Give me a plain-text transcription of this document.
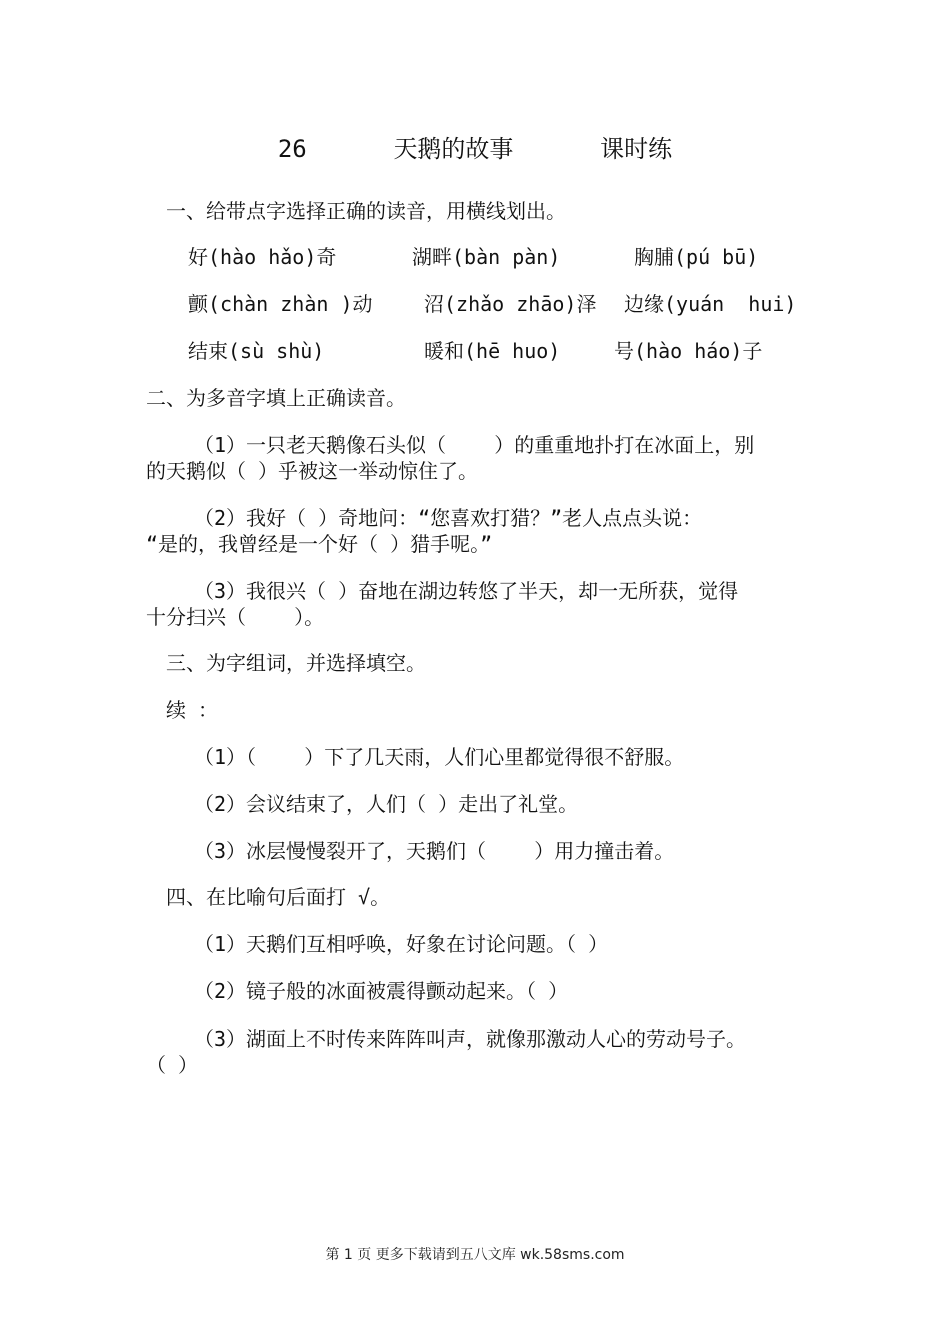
26      天鹅的故事      课时练
一、给带点字选择正确的读音，用横线划出。
好(hào hǎo)奇	湖畔(bàn pàn)	胸脯(pú bū)
颤(chàn zhàn )动	沼(zhǎo zhāo)泽 边缘(yuán  hui)
结束(sù shù)	暖和(hē huo)	号(hào háo)子
二、为多音字填上正确读音。
（1）一只老天鹅像石头似（    ）的重重地扑打在冰面上，别
的天鹅似（ ）乎被这一举动惊住了。
（2）我好（ ）奇地问：“您喜欢打猎？”老人点点头说：
“是的，我曾经是一个好（ ）猎手呢。”
（3）我很兴（ ）奋地在湖边转悠了半天，却一无所获，觉得
十分扫兴（    ）。
三、为字组词，并选择填空。
续 ：
（1）（    ）下了几天雨，人们心里都觉得很不舒服。
（2）会议结束了，人们（ ）走出了礼堂。
（3）冰层慢慢裂开了，天鹅们（    ）用力撞击着。
四、在比喻句后面打 √。
（1）天鹅们互相呼唤，好象在讨论问题。（ ）
（2）镜子般的冰面被震得颤动起来。（ ）
（3）湖面上不时传来阵阵叫声，就像那激动人心的劳动号子。
（ ）
第 1 页 更多下载请到五八文库 wk.58sms.com
